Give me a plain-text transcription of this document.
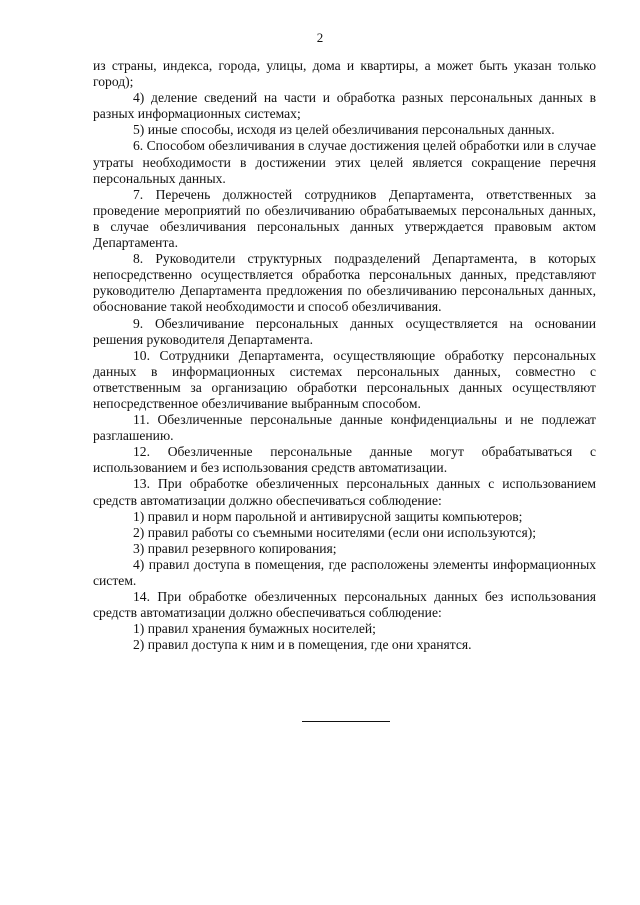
2

из страны, индекса, города, улицы, дома и квартиры, а может быть указан только город);

4) деление сведений на части и обработка разных персональных данных в разных информационных системах;

5) иные способы, исходя из целей обезличивания персональных данных.

6. Способом обезличивания в случае достижения целей обработки или в случае утраты необходимости в достижении этих целей является сокращение перечня персональных данных.

7. Перечень должностей сотрудников Департамента, ответственных за проведение мероприятий по обезличиванию обрабатываемых персональных данных, в случае обезличивания персональных данных утверждается правовым актом Департамента.

8. Руководители структурных подразделений Департамента, в которых непосредственно осуществляется обработка персональных данных, представляют руководителю Департамента предложения по обезличиванию персональных данных, обоснование такой необходимости и способ обезличивания.

9. Обезличивание персональных данных осуществляется на основании решения руководителя Департамента.

10. Сотрудники Департамента, осуществляющие обработку персональных данных в информационных системах персональных данных, совместно с ответственным за организацию обработки персональных данных осуществляют непосредственное обезличивание выбранным способом.

11. Обезличенные персональные данные конфиденциальны и не подлежат разглашению.

12. Обезличенные персональные данные могут обрабатываться с использованием и без использования средств автоматизации.

13. При обработке обезличенных персональных данных с использованием средств автоматизации должно обеспечиваться соблюдение:

1) правил и норм парольной и антивирусной защиты компьютеров;

2) правил работы со съемными носителями (если они используются);

3) правил резервного копирования;

4) правил доступа в помещения, где расположены элементы информационных систем.

14. При обработке обезличенных персональных данных без использования средств автоматизации должно обеспечиваться соблюдение:

1) правил хранения бумажных носителей;

2) правил доступа к ним и в помещения, где они хранятся.
